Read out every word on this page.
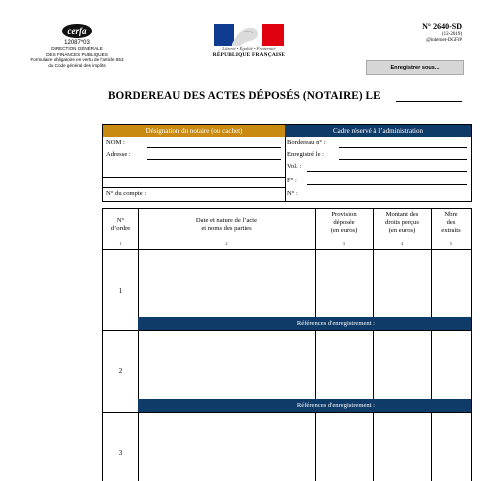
cerfa
12087*03
DIRECTION GÉNÉRALE
DES FINANCES PUBLIQUES
Formulaire obligatoire en vertu de l'article 853
du Code général des impôts
Liberté • Égalité • Fraternité
RÉPUBLIQUE FRANÇAISE
N° 2640-SD
(12-2019)
@internet-DGFiP
Enregistrer sous...
BORDEREAU DES ACTES DÉPOSÉS (NOTAIRE) LE
Désignation du notaire (ou cachet)	Cadre réservé à l’administration
NOM :
Adresse :
N° du compte :
Bordereau n° :
Enregistré le :
Vol. :
F° :
N° :
N°
d’ordre
1
Date et nature de l’acte
et noms des parties
2
Provision
déposée
(en euros)
3
Montant des
droits perçus
(en euros)
4
Nbre
des
extraits
5
1
Références d'enregistrement :
2
Références d'enregistrement :
3
